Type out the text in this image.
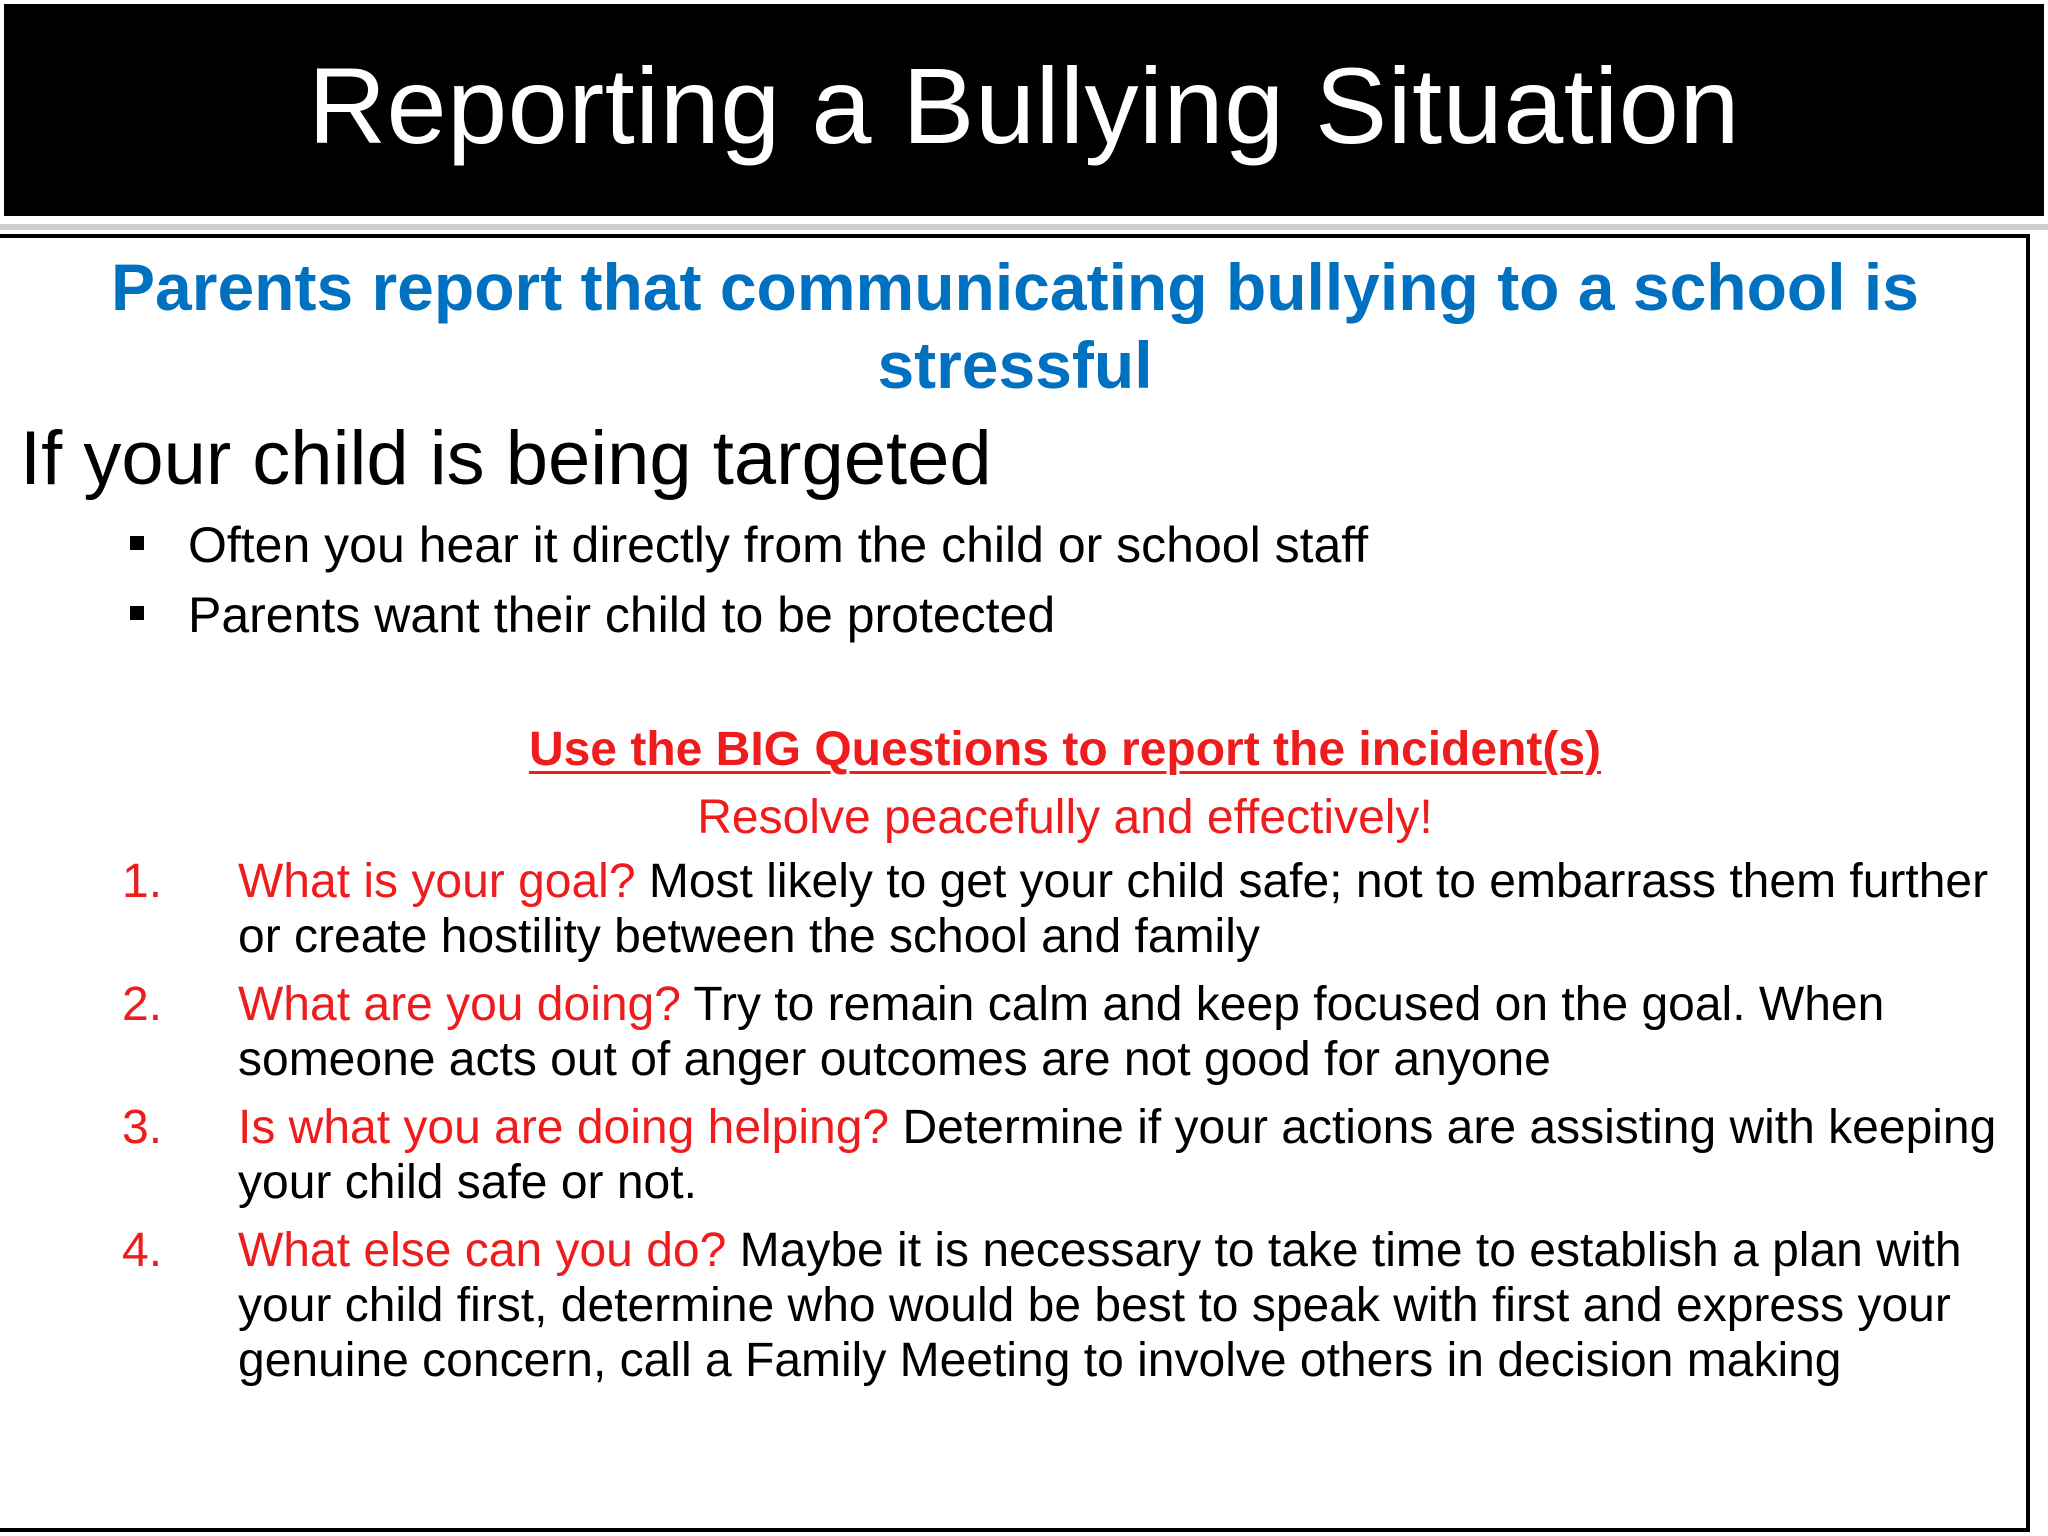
Reporting a Bullying Situation
Parents report that communicating bullying to a school is stressful
If your child is being targeted
Often you hear it directly from the child or school staff
Parents want their child to be protected
Use the BIG Questions to report the incident(s)
Resolve peacefully and effectively!
1. What is your goal? Most likely to get your child safe; not to embarrass them further or create hostility between the school and family
2. What are you doing? Try to remain calm and keep focused on the goal. When someone acts out of anger outcomes are not good for anyone
3. Is what you are doing helping? Determine if your actions are assisting with keeping your child safe or not.
4. What else can you do? Maybe it is necessary to take time to establish a plan with your child first, determine who would be best to speak with first and express your genuine concern, call a Family Meeting to involve others in decision making
